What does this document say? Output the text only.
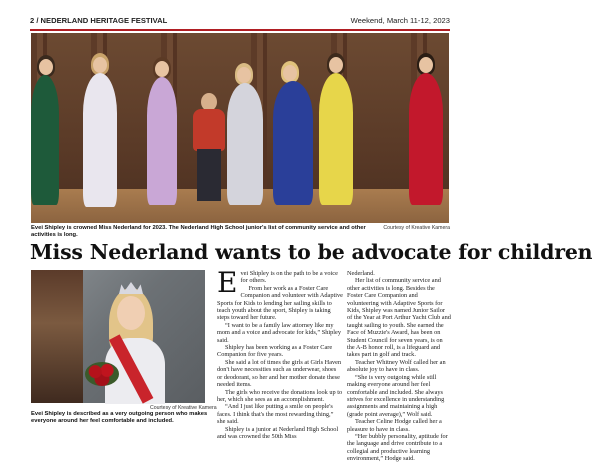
2 / NEDERLAND HERITAGE FESTIVAL	Weekend, March 11-12, 2023
Evei Shipley is crowned Miss Nederland for 2023. The Nederland High School junior's list of community service and other activities is long.
Courtesy of Kreative Kamera
Miss Nederland wants to be advocate for children
Courtesy of Kreative Kamera
Evei Shipley is described as a very outgoing person who makes everyone around her feel comfortable and included.

Evei Shipley is on the path to be a voice for others.

From her work as a Foster Care Companion and volunteer with Adaptive Sports for Kids to lending her sailing skills to teach youth about the sport, Shipley is taking steps toward her future.

“I want to be a family law attorney like my mom and a voice and advocate for kids,” Shipley said.

Shipley has been working as a Foster Care Companion for five years.

She said a lot of times the girls at Girls Haven don't have necessities such as underwear, shoes or deodorant, so her and her mother donate these needed items.

The girls who receive the donations look up to her, which she sees as an accomplishment.

“And I just like putting a smile on people's faces. I think that's the most rewarding thing,” she said.

Shipley is a junior at Nederland High School and was crowned the 50th Miss

Nederland.

Her list of community service and other activities is long. Besides the Foster Care Companion and volunteering with Adaptive Sports for Kids, Shipley was named Junior Sailor of the Year at Port Arthur Yacht Club and taught sailing to youth. She earned the Face of Muzzie's Award, has been on Student Council for seven years, is on the A-B honor roll, is a lifeguard and takes part in golf and track.

Teacher Whitney Wolf called her an absolute joy to have in class.

“She is very outgoing while still making everyone around her feel comfortable and included. She always strives for excellence in understanding assignments and maintaining a high (grade point average),” Wolf said.

Teacher Celine Hodge called her a pleasure to have in class.

“Her bubbly personality, aptitude for the language and drive contribute to a collegial and productive learning environment,” Hodge said.
